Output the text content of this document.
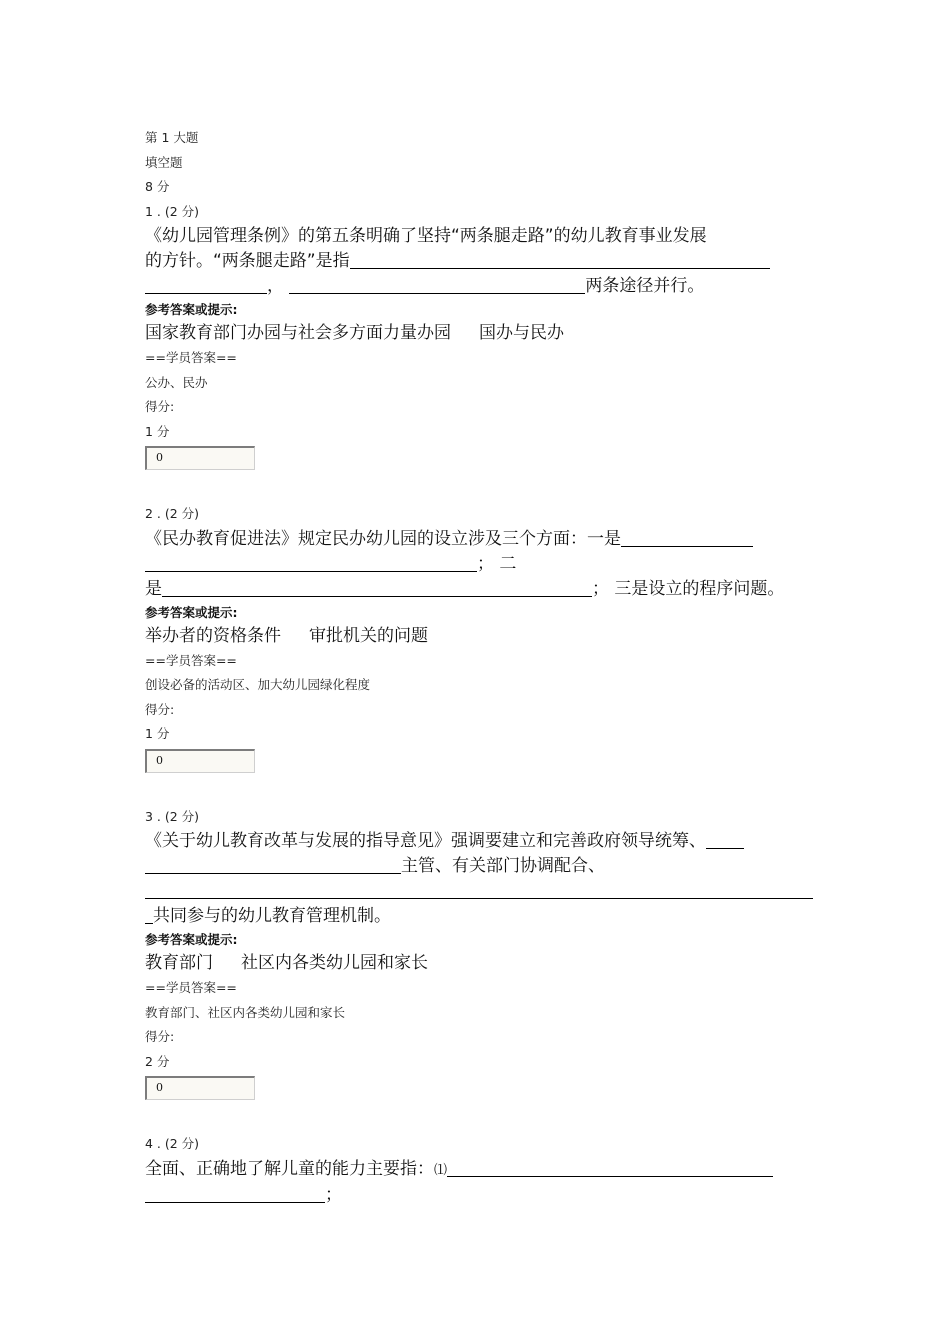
第 1 大题
填空题
8 分
1 . (2 分)
《幼儿园管理条例》的第五条明确了坚持“两条腿走路”的幼儿教育事业发展
的方针。“两条腿走路”是指
，	两条途径并行。
参考答案或提示:
国家教育部门办园与社会多方面力量办园 国办与民办
==学员答案==
公办、民办
得分:
1 分
0
2 . (2 分)
《民办教育促进法》规定民办幼儿园的设立涉及三个方面：一是
； 二
是	； 三是设立的程序问题。
参考答案或提示:
举办者的资格条件 审批机关的问题
==学员答案==
创设必备的活动区、加大幼儿园绿化程度
得分:
1 分
0
3 . (2 分)
《关于幼儿教育改革与发展的指导意见》强调要建立和完善政府领导统筹、
主管、有关部门协调配合、
共同参与的幼儿教育管理机制。
参考答案或提示:
教育部门 社区内各类幼儿园和家长
==学员答案==
教育部门、社区内各类幼儿园和家长
得分:
2 分
0
4 . (2 分)
全面、正确地了解儿童的能力主要指：⑴
；
